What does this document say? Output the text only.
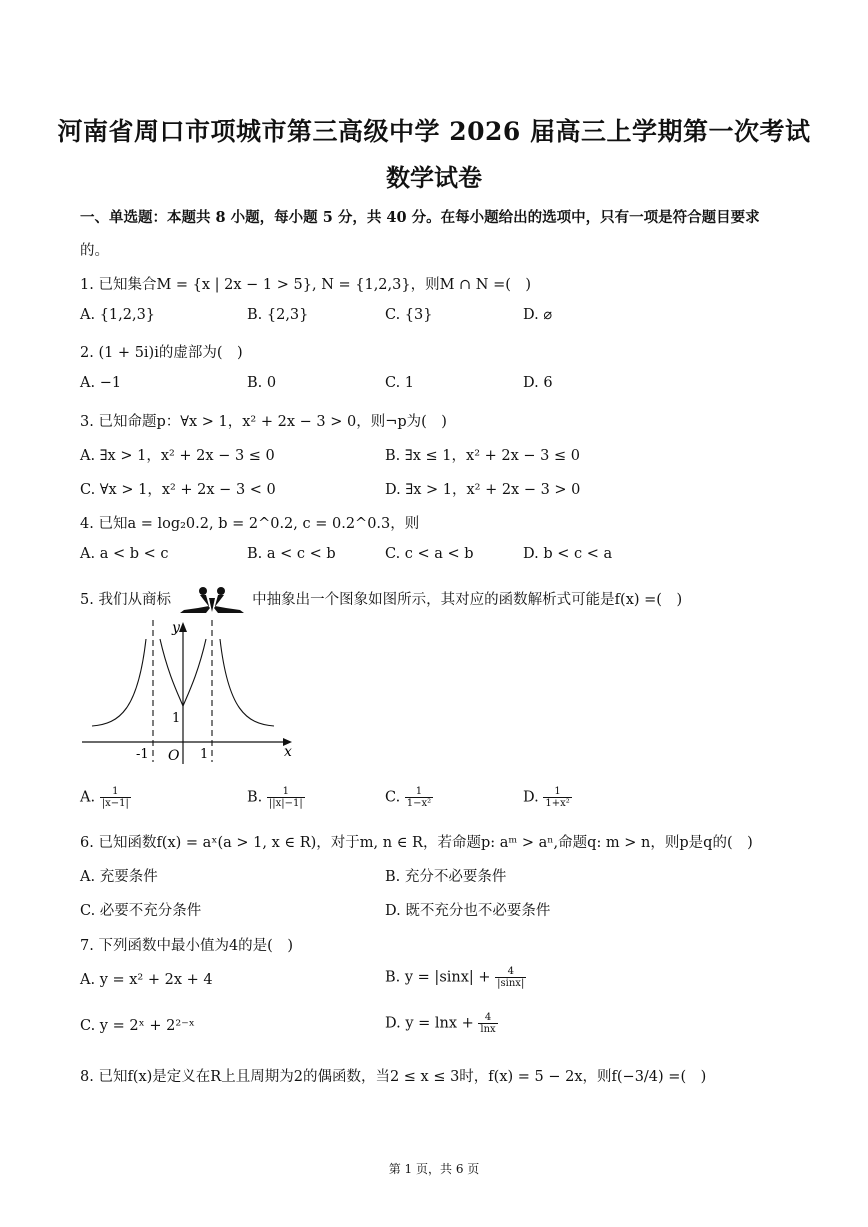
河南省周口市项城市第三高级中学 2026 届高三上学期第一次考试
数学试卷
一、单选题：本题共 8 小题，每小题 5 分，共 40 分。在每小题给出的选项中，只有一项是符合题目要求
的。
1. 已知集合M = {x | 2x − 1 > 5}, N = {1,2,3}，则M ∩ N =(　)
A. {1,2,3}	B. {2,3}	C. {3}	D. ⌀
2. (1 + 5i)i的虚部为(　)
A. −1	B. 0	C. 1	D. 6
3. 已知命题p：∀x > 1，x² + 2x − 3 > 0，则¬p为(　)
A. ∃x > 1，x² + 2x − 3 ≤ 0	B. ∃x ≤ 1，x² + 2x − 3 ≤ 0
C. ∀x > 1，x² + 2x − 3 < 0	D. ∃x > 1，x² + 2x − 3 > 0
4. 已知a = log₂0.2, b = 2^0.2, c = 0.2^0.3，则
A. a < b < c	B. a < c < b	C. c < a < b	D. b < c < a
5. 我们从商标	中抽象出一个图象如图所示，其对应的函数解析式可能是f(x) =(　)
y
x
O
-1	1
1
A. $\frac{1}{|x-1|}$	B. $\frac{1}{||x|-1|}$	C. $\frac{1}{\text{1−x²}}$	D. $\frac{1}{\text{1+x²}}$
6. 已知函数f(x) = aˣ(a > 1, x ∈ R)，对于m, n ∈ R，若命题p: aᵐ > aⁿ,命题q: m > n，则p是q的(　)
A. 充要条件	B. 充分不必要条件
C. 必要不充分条件	D. 既不充分也不必要条件
7. 下列函数中最小值为4的是(　)
A. y = x² + 2x + 4	B. $y = |\sin x| + \frac{4}{|\sin x|}$
C. y = 2ˣ + 2²⁻ˣ	D. $y = \ln x + \frac{4}{\ln x}$
8. 已知f(x)是定义在R上且周期为2的偶函数，当2 ≤ x ≤ 3时，f(x) = 5 − 2x，则f(−3/4) =(　)
第 1 页，共 6 页
